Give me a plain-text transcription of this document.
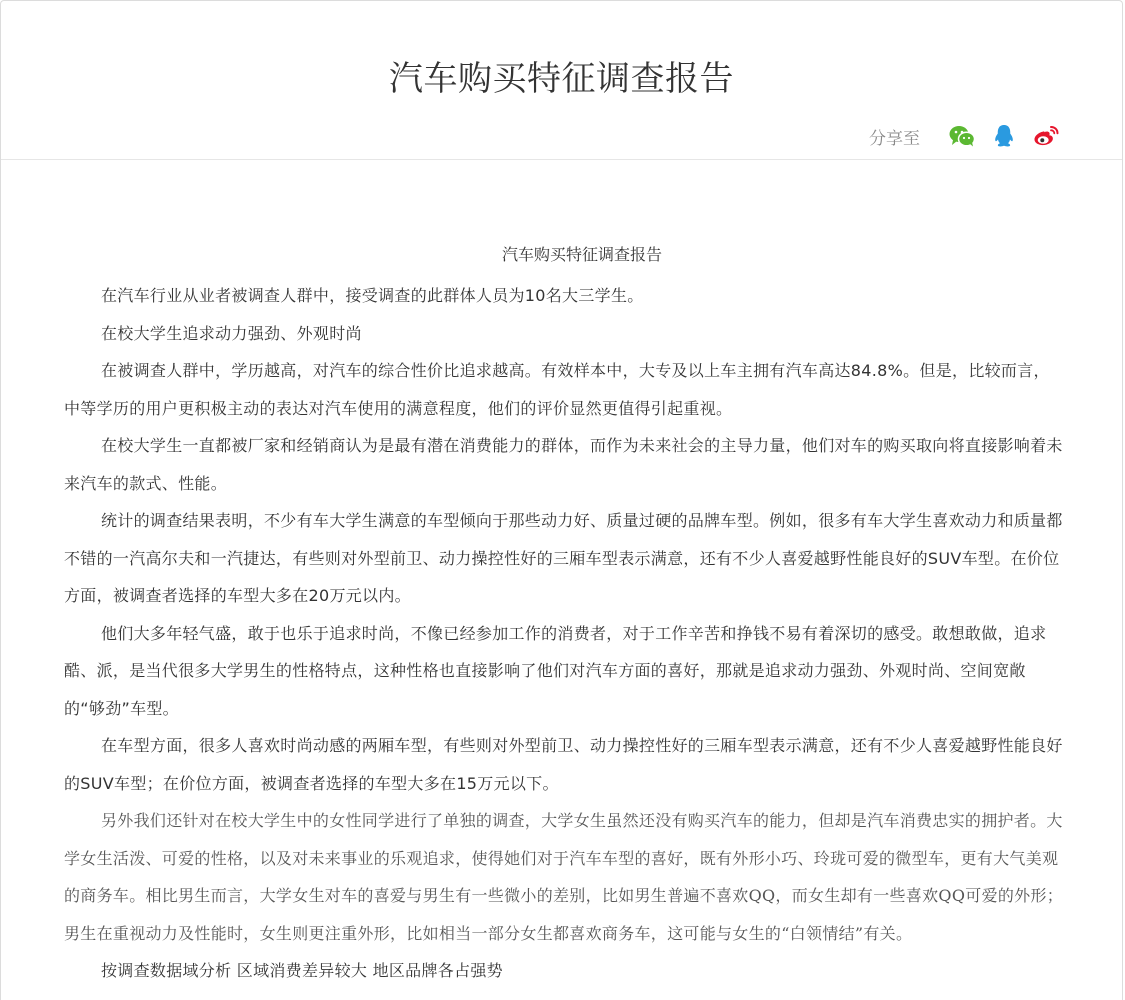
汽车购买特征调查报告
分享至

汽车购买特征调查报告

在汽车行业从业者被调查人群中，接受调查的此群体人员为10名大三学生。

在校大学生追求动力强劲、外观时尚

在被调查人群中，学历越高，对汽车的综合性价比追求越高。有效样本中，大专及以上车主拥有汽车高达84.8%。但是，比较而言，中等学历的用户更积极主动的表达对汽车使用的满意程度，他们的评价显然更值得引起重视。

在校大学生一直都被厂家和经销商认为是最有潜在消费能力的群体，而作为未来社会的主导力量，他们对车的购买取向将直接影响着未来汽车的款式、性能。

统计的调查结果表明，不少有车大学生满意的车型倾向于那些动力好、质量过硬的品牌车型。例如，很多有车大学生喜欢动力和质量都不错的一汽高尔夫和一汽捷达，有些则对外型前卫、动力操控性好的三厢车型表示满意，还有不少人喜爱越野性能良好的SUV车型。在价位方面，被调查者选择的车型大多在20万元以内。

他们大多年轻气盛，敢于也乐于追求时尚，不像已经参加工作的消费者，对于工作辛苦和挣钱不易有着深切的感受。敢想敢做，追求酷、派，是当代很多大学男生的性格特点，这种性格也直接影响了他们对汽车方面的喜好，那就是追求动力强劲、外观时尚、空间宽敞的“够劲”车型。

在车型方面，很多人喜欢时尚动感的两厢车型，有些则对外型前卫、动力操控性好的三厢车型表示满意，还有不少人喜爱越野性能良好的SUV车型；在价位方面，被调查者选择的车型大多在15万元以下。

另外我们还针对在校大学生中的女性同学进行了单独的调查，大学女生虽然还没有购买汽车的能力，但却是汽车消费忠实的拥护者。大学女生活泼、可爱的性格，以及对未来事业的乐观追求，使得她们对于汽车车型的喜好，既有外形小巧、玲珑可爱的微型车，更有大气美观的商务车。相比男生而言，大学女生对车的喜爱与男生有一些微小的差别，比如男生普遍不喜欢QQ，而女生却有一些喜欢QQ可爱的外形；男生在重视动力及性能时，女生则更注重外形，比如相当一部分女生都喜欢商务车，这可能与女生的“白领情结”有关。

按调查数据域分析 区域消费差异较大 地区品牌各占强势
